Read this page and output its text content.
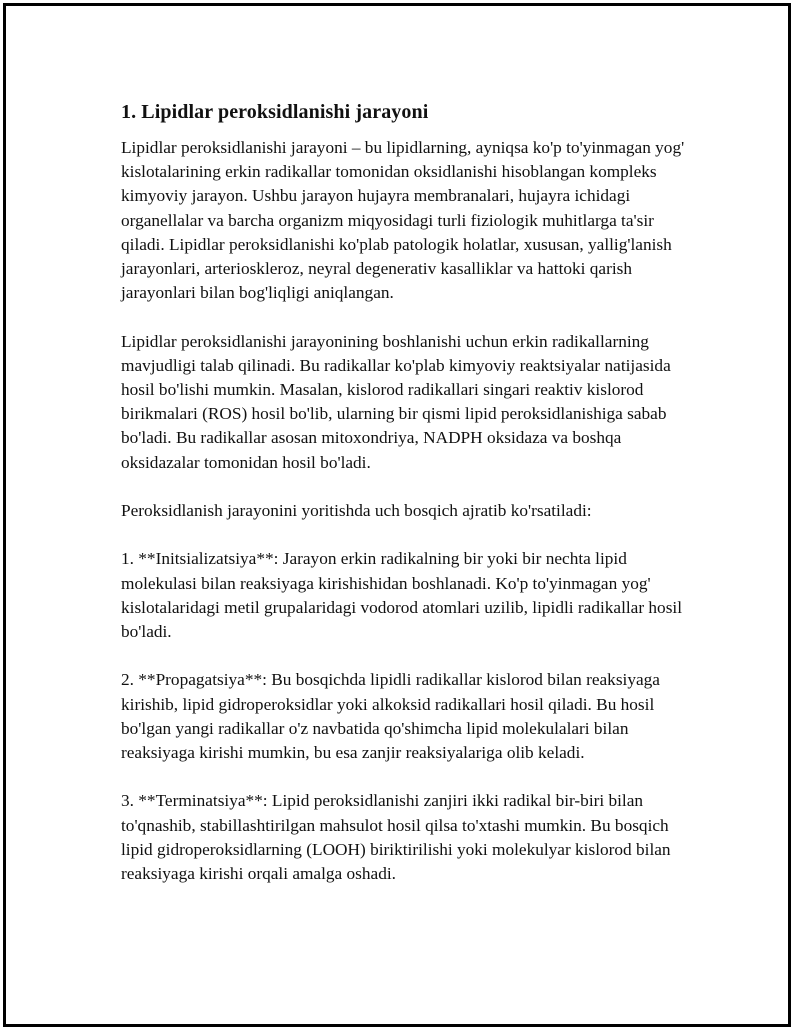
1. Lipidlar peroksidlanishi jarayoni

Lipidlar peroksidlanishi jarayoni – bu lipidlarning, ayniqsa ko'p to'yinmagan yog' kislotalarining erkin radikallar tomonidan oksidlanishi hisoblangan kompleks kimyoviy jarayon. Ushbu jarayon hujayra membranalari, hujayra ichidagi organellalar va barcha organizm miqyosidagi turli fiziologik muhitlarga ta'sir qiladi. Lipidlar peroksidlanishi ko'plab patologik holatlar, xususan, yallig'lanish jarayonlari, arterioskleroz, neyral degenerativ kasalliklar va hattoki qarish jarayonlari bilan bog'liqligi aniqlangan.

Lipidlar peroksidlanishi jarayonining boshlanishi uchun erkin radikallarning mavjudligi talab qilinadi. Bu radikallar ko'plab kimyoviy reaktsiyalar natijasida hosil bo'lishi mumkin. Masalan, kislorod radikallari singari reaktiv kislorod birikmalari (ROS) hosil bo'lib, ularning bir qismi lipid peroksidlanishiga sabab bo'ladi. Bu radikallar asosan mitoxondriya, NADPH oksidaza va boshqa oksidazalar tomonidan hosil bo'ladi.

Peroksidlanish jarayonini yoritishda uch bosqich ajratib ko'rsatiladi:

1. **Initsializatsiya**: Jarayon erkin radikalning bir yoki bir nechta lipid molekulasi bilan reaksiyaga kirishishidan boshlanadi. Ko'p to'yinmagan yog' kislotalaridagi metil grupalaridagi vodorod atomlari uzilib, lipidli radikallar hosil bo'ladi.

2. **Propagatsiya**: Bu bosqichda lipidli radikallar kislorod bilan reaksiyaga kirishib, lipid gidroperoksidlar yoki alkoksid radikallari hosil qiladi. Bu hosil bo'lgan yangi radikallar o'z navbatida qo'shimcha lipid molekulalari bilan reaksiyaga kirishi mumkin, bu esa zanjir reaksiyalariga olib keladi.

3. **Terminatsiya**: Lipid peroksidlanishi zanjiri ikki radikal bir-biri bilan to'qnashib, stabillashtirilgan mahsulot hosil qilsa to'xtashi mumkin. Bu bosqich lipid gidroperoksidlarning (LOOH) biriktirilishi yoki molekulyar kislorod bilan reaksiyaga kirishi orqali amalga oshadi.
